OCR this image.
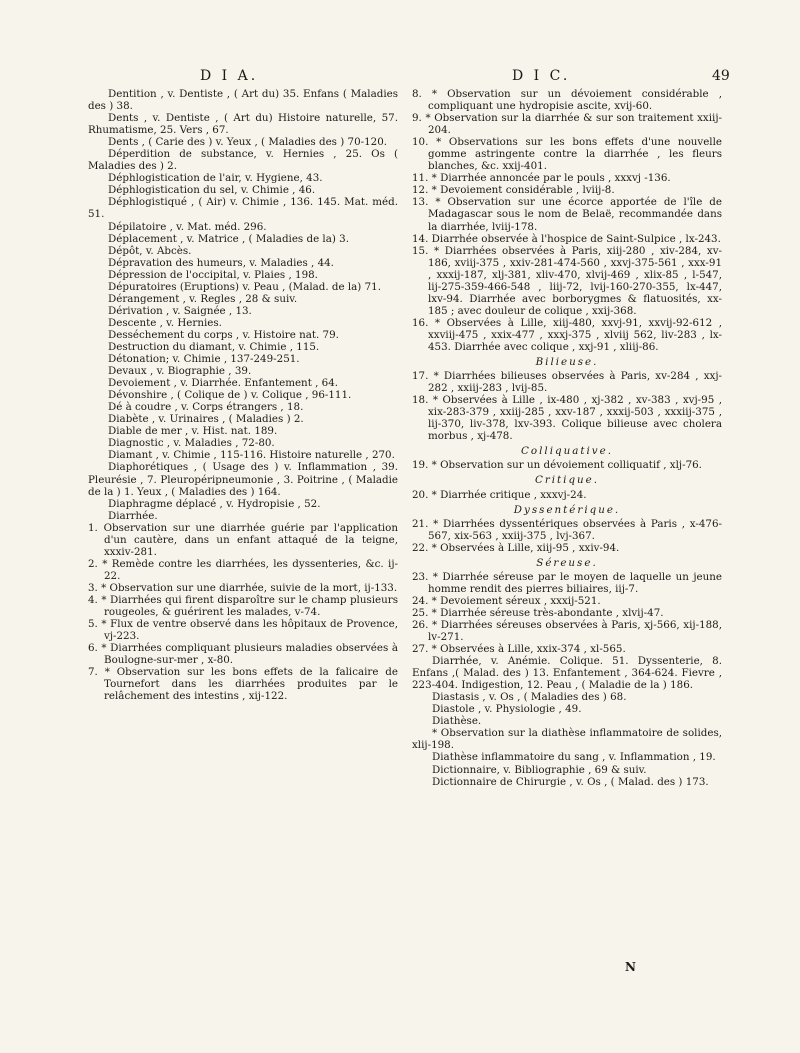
D I A.	D I C.	49

Dentition , v. Dentiste , ( Art du) 35. Enfans ( Maladies des ) 38.

Dents , v. Dentiste , ( Art du) Histoire naturelle, 57. Rhumatisme, 25. Vers , 67.

Dents , ( Carie des ) v. Yeux , ( Maladies des ) 70-120.

Déperdition de substance, v. Hernies , 25. Os ( Maladies des ) 2.

Déphlogistication de l'air, v. Hygiene, 43.

Déphlogistication du sel, v. Chimie , 46.

Déphlogistiqué , ( Air) v. Chimie , 136. 145. Mat. méd. 51.

Dépilatoire , v. Mat. méd. 296.

Déplacement , v. Matrice , ( Maladies de la) 3.

Dépôt, v. Abcès.

Dépravation des humeurs, v. Maladies , 44.

Dépression de l'occipital, v. Plaies , 198.

Dépuratoires (Eruptions) v. Peau , (Malad. de la) 71.

Dérangement , v. Regles , 28 & suiv.

Dérivation , v. Saignée , 13.

Descente , v. Hernies.

Desséchement du corps , v. Histoire nat. 79.

Destruction du diamant, v. Chimie , 115.

Détonation; v. Chimie , 137-249-251.

Devaux , v. Biographie , 39.

Devoiement , v. Diarrhée. Enfantement , 64.

Dévonshire , ( Colique de ) v. Colique , 96-111.

Dé à coudre , v. Corps étrangers , 18.

Diabète , v. Urinaires , ( Maladies ) 2.

Diable de mer , v. Hist. nat. 189.

Diagnostic , v. Maladies , 72-80.

Diamant , v. Chimie , 115-116. Histoire naturelle , 270.

Diaphorétiques , ( Usage des ) v. Inflammation , 39. Pleurésie , 7. Pleuropéripneumonie , 3. Poitrine , ( Maladie de la ) 1. Yeux , ( Maladies des ) 164.

Diaphragme déplacé , v. Hydropisie , 52.

Diarrhée.

1. Observation sur une diarrhée guérie par l'application d'un cautère, dans un enfant attaqué de la teigne, xxxiv-281.

2. * Remède contre les diarrhées, les dyssenteries, &c. ij-22.

3. * Observation sur une diarrhée, suivie de la mort, ij-133.

4. * Diarrhées qui firent disparoître sur le champ plusieurs rougeoles, & guérirent les malades, v-74.

5. * Flux de ventre observé dans les hôpitaux de Provence, vj-223.

6. * Diarrhées compliquant plusieurs maladies observées à Boulogne-sur-mer , x-80.

7. * Observation sur les bons effets de la falicaire de Tournefort dans les diarrhées produites par le relâchement des intestins , xij-122.

8. * Observation sur un dévoiement considérable , compliquant une hydropisie ascite, xvij-60.

9. * Observation sur la diarrhée & sur son traitement xxiij-204.

10. * Observations sur les bons effets d'une nouvelle gomme astringente contre la diarrhée , les fleurs blanches, &c. xxij-401.

11. * Diarrhée annoncée par le pouls , xxxvj -136.

12. * Devoiement considérable , lviij-8.

13. * Observation sur une écorce apportée de l'île de Madagascar sous le nom de Belaë, recommandée dans la diarrhée, lviij-178.

14. Diarrhée observée à l'hospice de Saint-Sulpice , lx-243.

15. * Diarrhées observées à Paris, xiij-280 , xiv-284, xv-186, xviij-375 , xxiv-281-474-560 , xxvj-375-561 , xxx-91 , xxxij-187, xlj-381, xliv-470, xlvij-469 , xlix-85 , l-547, lij-275-359-466-548 , liij-72, lvij-160-270-355, lx-447, lxv-94. Diarrhée avec borborygmes & flatuosités, xx-185 ; avec douleur de colique , xxij-368.

16. * Observées à Lille, xiij-480, xxvj-91, xxvij-92-612 , xxviij-475 , xxix-477 , xxxj-375 , xlviij 562, liv-283 , lx-453. Diarrhée avec colique , xxj-91 , xliij-86.

Bilieuse.

17. * Diarrhées bilieuses observées à Paris, xv-284 , xxj-282 , xxiij-283 , lvij-85.

18. * Observées à Lille , ix-480 , xj-382 , xv-383 , xvj-95 , xix-283-379 , xxiij-285 , xxv-187 , xxxij-503 , xxxiij-375 , lij-370, liv-378, lxv-393. Colique bilieuse avec cholera morbus , xj-478.

Colliquative.

19. * Observation sur un dévoiement colliquatif , xlj-76.

Critique.

20. * Diarrhée critique , xxxvj-24.

Dyssentérique.

21. * Diarrhées dyssentériques observées à Paris , x-476-567, xix-563 , xxiij-375 , lvj-367.

22. * Observées à Lille, xiij-95 , xxiv-94.

Séreuse.

23. * Diarrhée séreuse par le moyen de laquelle un jeune homme rendit des pierres biliaires, iij-7.

24. * Devoiement séreux , xxxij-521.

25. * Diarrhée séreuse très-abondante , xlvij-47.

26. * Diarrhées séreuses observées à Paris, xj-566, xij-188, lv-271.

27. * Observées à Lille, xxix-374 , xl-565.

Diarrhée, v. Anémie. Colique. 51. Dyssenterie, 8. Enfans ,( Malad. des ) 13. Enfantement , 364-624. Fievre , 223-404. Indigestion, 12. Peau , ( Maladie de la ) 186.

Diastasis , v. Os , ( Maladies des ) 68.

Diastole , v. Physiologie , 49.

Diathèse.

* Observation sur la diathèse inflammatoire de solides, xlij-198.

Diathèse inflammatoire du sang , v. Inflammation , 19.

Dictionnaire, v. Bibliographie , 69 & suiv.

Dictionnaire de Chirurgie , v. Os , ( Malad. des ) 173.

N
